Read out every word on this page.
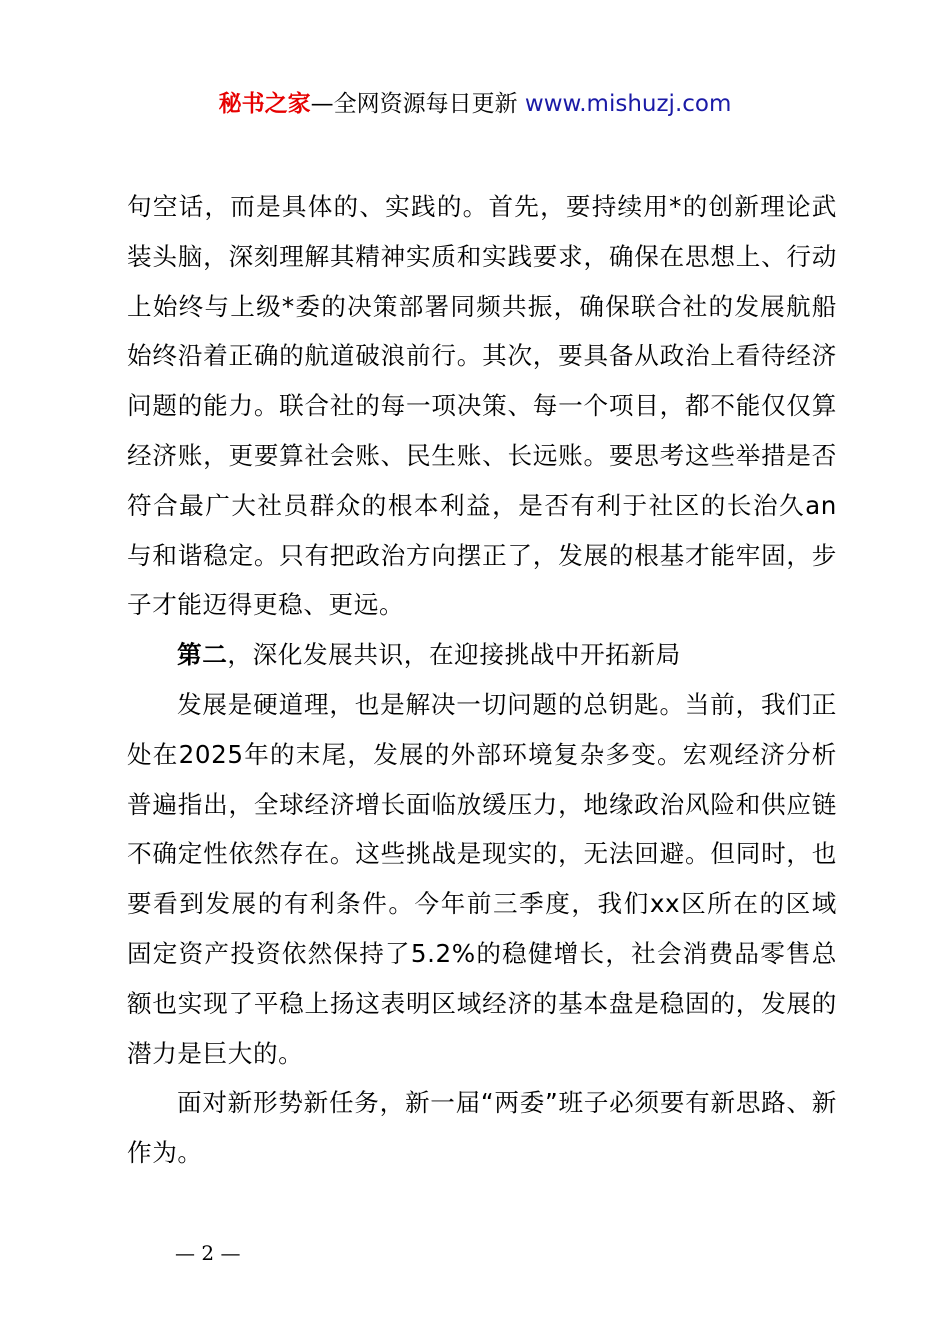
秘书之家—全网资源每日更新 www.mishuzj.com

句空话，而是具体的、实践的。首先，要持续用*的创新理论武装头脑，深刻理解其精神实质和实践要求，确保在思想上、行动上始终与上级*委的决策部署同频共振，确保联合社的发展航船始终沿着正确的航道破浪前行。其次，要具备从政治上看待经济问题的能力。联合社的每一项决策、每一个项目，都不能仅仅算经济账，更要算社会账、民生账、长远账。要思考这些举措是否符合最广大社员群众的根本利益，是否有利于社区的长治久an与和谐稳定。只有把政治方向摆正了，发展的根基才能牢固，步子才能迈得更稳、更远。

第二，深化发展共识，在迎接挑战中开拓新局

发展是硬道理，也是解决一切问题的总钥匙。当前，我们正处在2025年的末尾，发展的外部环境复杂多变。宏观经济分析普遍指出，全球经济增长面临放缓压力，地缘政治风险和供应链不确定性依然存在。这些挑战是现实的，无法回避。但同时，也要看到发展的有利条件。今年前三季度，我们xx区所在的区域固定资产投资依然保持了5.2%的稳健增长，社会消费品零售总额也实现了平稳上扬这表明区域经济的基本盘是稳固的，发展的潜力是巨大的。

面对新形势新任务，新一届“两委”班子必须要有新思路、新作为。

— 2 —
